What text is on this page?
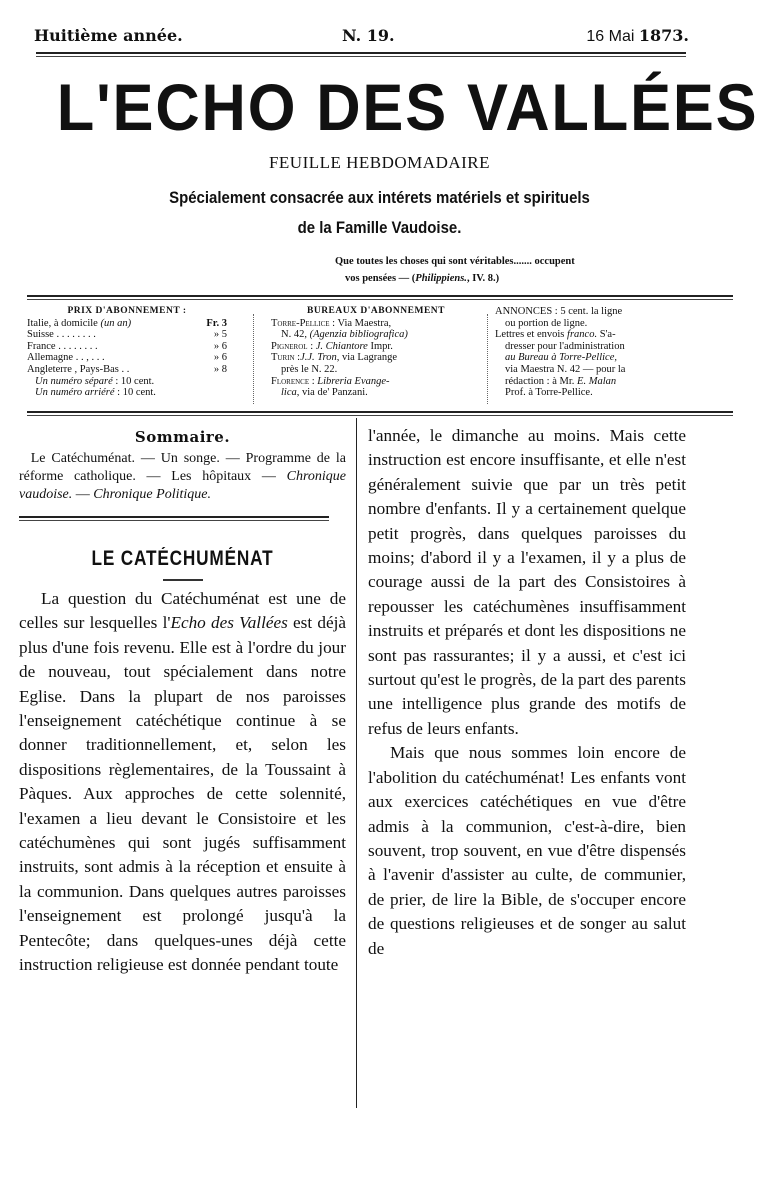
Huitième année.	N. 19.	16 Mai 1873.
L'ECHO DES VALLÉES
FEUILLE HEBDOMADAIRE
Spécialement consacrée aux intérets matériels et spirituels
de la Famille Vaudoise.
Que toutes les choses qui sont véritables....... occupent
vos pensées — (Philippiens., IV. 8.)
PRIX D'ABONNEMENT :
Italie, à domicile (un an)	Fr. 3
Suisse . . . . . . . .	» 5
France . . . . . . . .	» 6
Allemagne . . , . . .	» 6
Angleterre , Pays-Bas . .	» 8
Un numéro séparé : 10 cent.
Un numéro arriéré : 10 cent.
BUREAUX D'ABONNEMENT
Torre-Pellice : Via Maestra,
N. 42, (Agenzia bibliografica)
Pignerol : J. Chiantore Impr.
Turin :J.J. Tron, via Lagrange
près le N. 22.
Florence : Libreria Evange-
lica, via de' Panzani.
ANNONCES : 5 cent. la ligne
ou portion de ligne.
Lettres et envois franco. S'a-
dresser pour l'administration
au Bureau à Torre-Pellice,
via Maestra N. 42 — pour la
rédaction : à Mr. E. Malan
Prof. à Torre-Pellice.
Sommaire.
Le Catéchuménat. — Un songe. — Programme de la réforme catholique. — Les hôpitaux — Chronique vaudoise. — Chronique Politique.
LE CATÉCHUMÉNAT

La question du Catéchuménat est une de celles sur lesquelles l'Echo des Vallées est déjà plus d'une fois revenu. Elle est à l'ordre du jour de nouveau, tout spécialement dans notre Eglise. Dans la plupart de nos paroisses l'enseignement catéchétique continue à se donner traditionnellement, et, selon les dispositions règlementaires, de la Toussaint à Pàques. Aux approches de cette solennité, l'examen a lieu devant le Consistoire et les catéchumènes qui sont jugés suffisamment instruits, sont admis à la réception et ensuite à la communion. Dans quelques autres paroisses l'enseignement est prolongé jusqu'à la Pentecôte; dans quelques-unes déjà cette instruction religieuse est donnée pendant toute

l'année, le dimanche au moins. Mais cette instruction est encore insuffisante, et elle n'est généralement suivie que par un très petit nombre d'enfants. Il y a certainement quelque petit progrès, dans quelques paroisses du moins; d'abord il y a l'examen, il y a plus de courage aussi de la part des Consistoires à repousser les catéchumènes insuffisamment instruits et préparés et dont les dispositions ne sont pas rassurantes; il y a aussi, et c'est ici surtout qu'est le progrès, de la part des parents une intelligence plus grande des motifs de refus de leurs enfants.

Mais que nous sommes loin encore de l'abolition du catéchuménat! Les enfants vont aux exercices catéchétiques en vue d'être admis à la communion, c'est-à-dire, bien souvent, trop souvent, en vue d'être dispensés à l'avenir d'assister au culte, de communier, de prier, de lire la Bible, de s'occuper encore de questions religieuses et de songer au salut de
